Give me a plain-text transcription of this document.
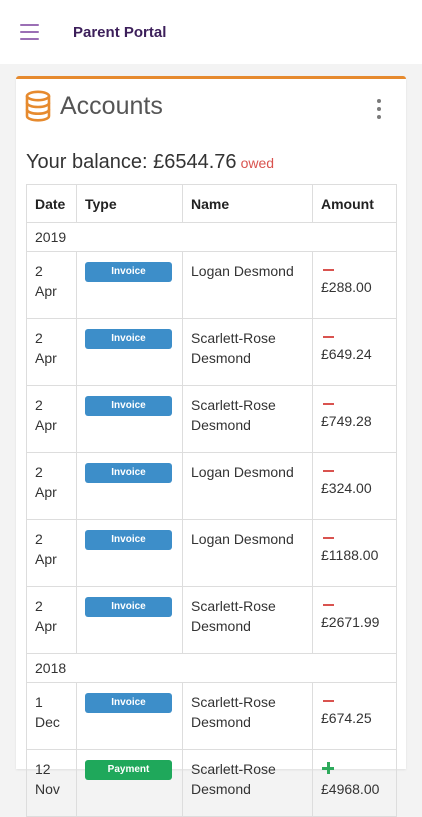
Parent Portal
Accounts
Your balance: £6544.76 owed
Date	Type	Name	Amount
2019			

2
Apr	Invoice	Logan Desmond	£288.00

2
Apr	Invoice	Scarlett-Rose
Desmond	£649.24

2
Apr	Invoice	Scarlett-Rose
Desmond	£749.28

2
Apr	Invoice	Logan Desmond	£324.00

2
Apr	Invoice	Logan Desmond	£1188.00

2
Apr	Invoice	Scarlett-Rose
Desmond	£2671.99

2018			

1
Dec	Invoice	Scarlett-Rose
Desmond	£674.25

12
Nov	Payment	Scarlett-Rose
Desmond	£4968.00
